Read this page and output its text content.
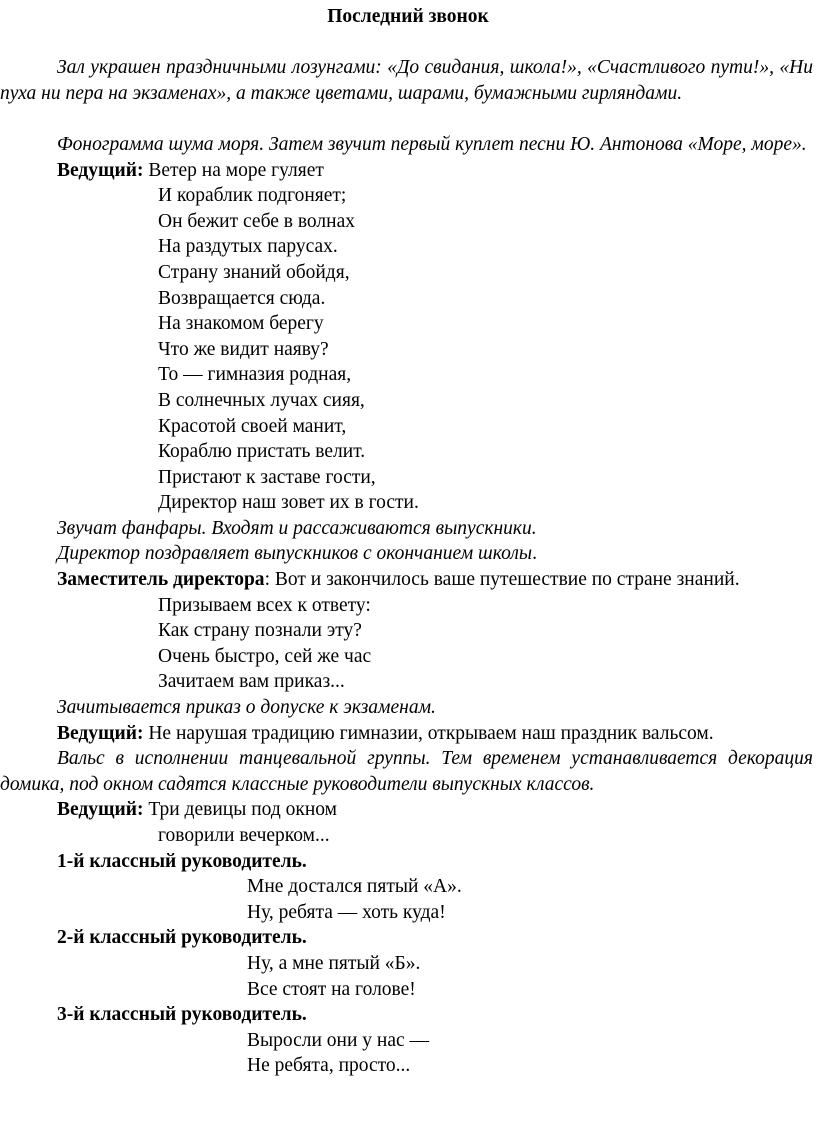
Последний звонок

Зал украшен праздничными лозунгами: «До свидания, школа!», «Счастливого пути!», «Ни пуха ни пера на экзаменах», а также цветами, шарами, бумажными гирляндами.

Фонограмма шума моря. Затем звучит первый куплет песни Ю. Антонова «Море, море».

Ведущий: Ветер на море гуляет

И кораблик подгоняет;

Он бежит себе в волнах

На раздутых парусах.

Страну знаний обойдя,

Возвращается сюда.

На знакомом берегу

Что же видит наяву?

То — гимназия родная,

В солнечных лучах сияя,

Красотой своей манит,

Кораблю пристать велит.

Пристают к заставе гости,

Директор наш зовет их в гости.

Звучат фанфары. Входят и рассаживаются выпускники.

Директор поздравляет выпускников с окончанием школы.

Заместитель директора: Вот и закончилось ваше путешествие по стране знаний.

Призываем всех к ответу:

Как страну познали эту?

Очень быстро, сей же час

Зачитаем вам приказ...

Зачитывается приказ о допуске к экзаменам.

Ведущий: Не нарушая традицию гимназии, открываем наш праздник вальсом.

Вальс в исполнении танцевальной группы. Тем временем устанавливается декорация домика, под окном садятся классные руководители выпускных классов.

Ведущий: Три девицы под окном

говорили вечерком...

1-й классный руководитель.

Мне достался пятый «А».

Ну, ребята — хоть куда!

2-й классный руководитель.

Ну, а мне пятый «Б».

Все стоят на голове!

3-й классный руководитель.

Выросли они у нас —

Не ребята, просто...
